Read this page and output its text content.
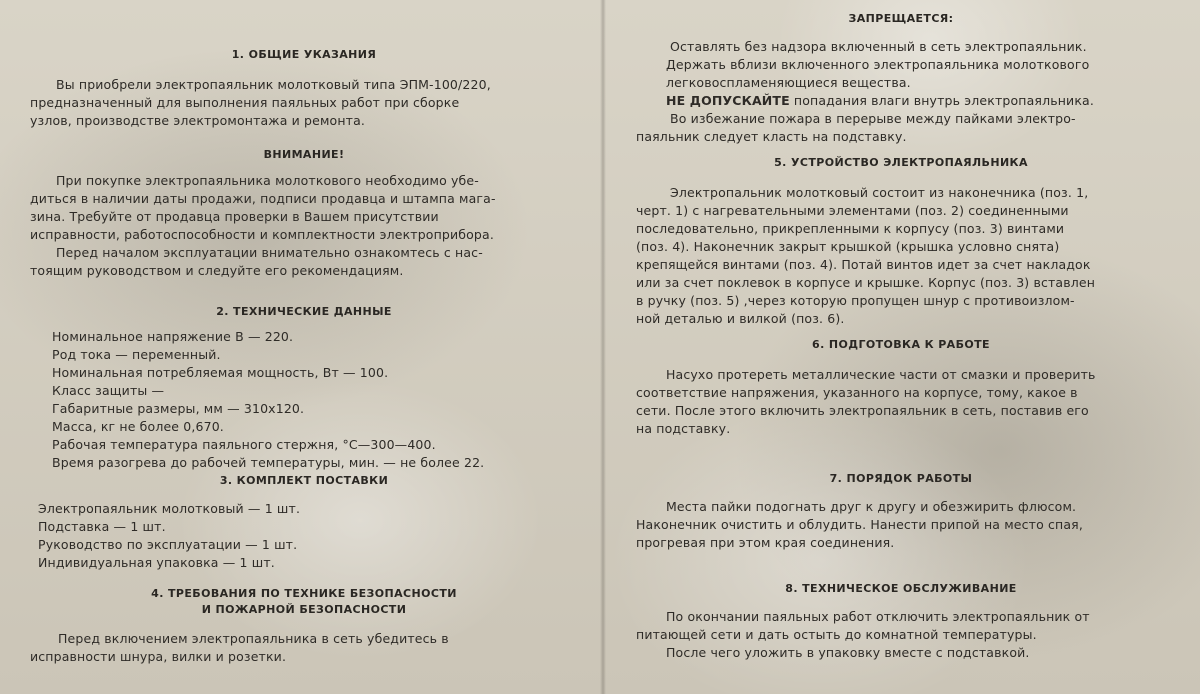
1. ОБЩИЕ УКАЗАНИЯ
Вы приобрели электропаяльник молотковый типа ЭПМ-100/220,
предназначенный для выполнения паяльных работ при сборке
узлов, производстве электромонтажа и ремонта.
ВНИМАНИЕ!
При покупке электропаяльника молоткового необходимо убе-
диться в наличии даты продажи, подписи продавца и штампа мага-
зина. Требуйте от продавца проверки в Вашем присутствии
исправности, работоспособности и комплектности электроприбора.
Перед началом эксплуатации внимательно ознакомтесь с нас-
тоящим руководством и следуйте его рекомендациям.
2. ТЕХНИЧЕСКИЕ ДАННЫЕ
Номинальное напряжение В — 220.
Род тока — переменный.
Номинальная потребляемая мощность, Вт — 100.
Класс защиты —
Габаритные размеры, мм — 310х120.
Масса, кг не более 0,670.
Рабочая температура паяльного стержня, °С—300—400.
Время разогрева до рабочей температуры, мин. — не более 22.
3. КОМПЛЕКТ ПОСТАВКИ
Электропаяльник молотковый — 1 шт.
Подставка — 1 шт.
Руководство по эксплуатации — 1 шт.
Индивидуальная упаковка — 1 шт.
4. ТРЕБОВАНИЯ ПО ТЕХНИКЕ БЕЗОПАСНОСТИ
И ПОЖАРНОЙ БЕЗОПАСНОСТИ
Перед включением электропаяльника в сеть убедитесь в
исправности шнура, вилки и розетки.
ЗАПРЕЩАЕТСЯ:
Оставлять без надзора включенный в сеть электропаяльник.
Держать вблизи включенного электропаяльника молоткового
легковоспламеняющиеся вещества.
НЕ ДОПУСКАЙТЕ попадания влаги внутрь электропаяльника.
Во избежание пожара в перерыве между пайками электро-
паяльник следует класть на подставку.
5. УСТРОЙСТВО ЭЛЕКТРОПАЯЛЬНИКА
Электропальник молотковый состоит из наконечника (поз. 1,
черт. 1) с нагревательными элементами (поз. 2) соединенными
последовательно, прикрепленными к корпусу (поз. 3) винтами
(поз. 4). Наконечник закрыт крышкой (крышка условно снята)
крепящейся винтами (поз. 4). Потай винтов идет за счет накладок
или за счет поклевок в корпусе и крышке. Корпус (поз. 3) вставлен
в ручку (поз. 5) ,через которую пропущен шнур с противоизлом-
ной деталью и вилкой (поз. 6).
6. ПОДГОТОВКА К РАБОТЕ
Насухо протереть металлические части от смазки и проверить
соответствие напряжения, указанного на корпусе, тому, какое в
сети. После этого включить электропаяльник в сеть, поставив его
на подставку.
7. ПОРЯДОК РАБОТЫ
Места пайки подогнать друг к другу и обезжирить флюсом.
Наконечник очистить и облудить. Нанести припой на место спая,
прогревая при этом края соединения.
8. ТЕХНИЧЕСКОЕ ОБСЛУЖИВАНИЕ
По окончании паяльных работ отключить электропаяльник от
питающей сети и дать остыть до комнатной температуры.
После чего уложить в упаковку вместе с подставкой.
